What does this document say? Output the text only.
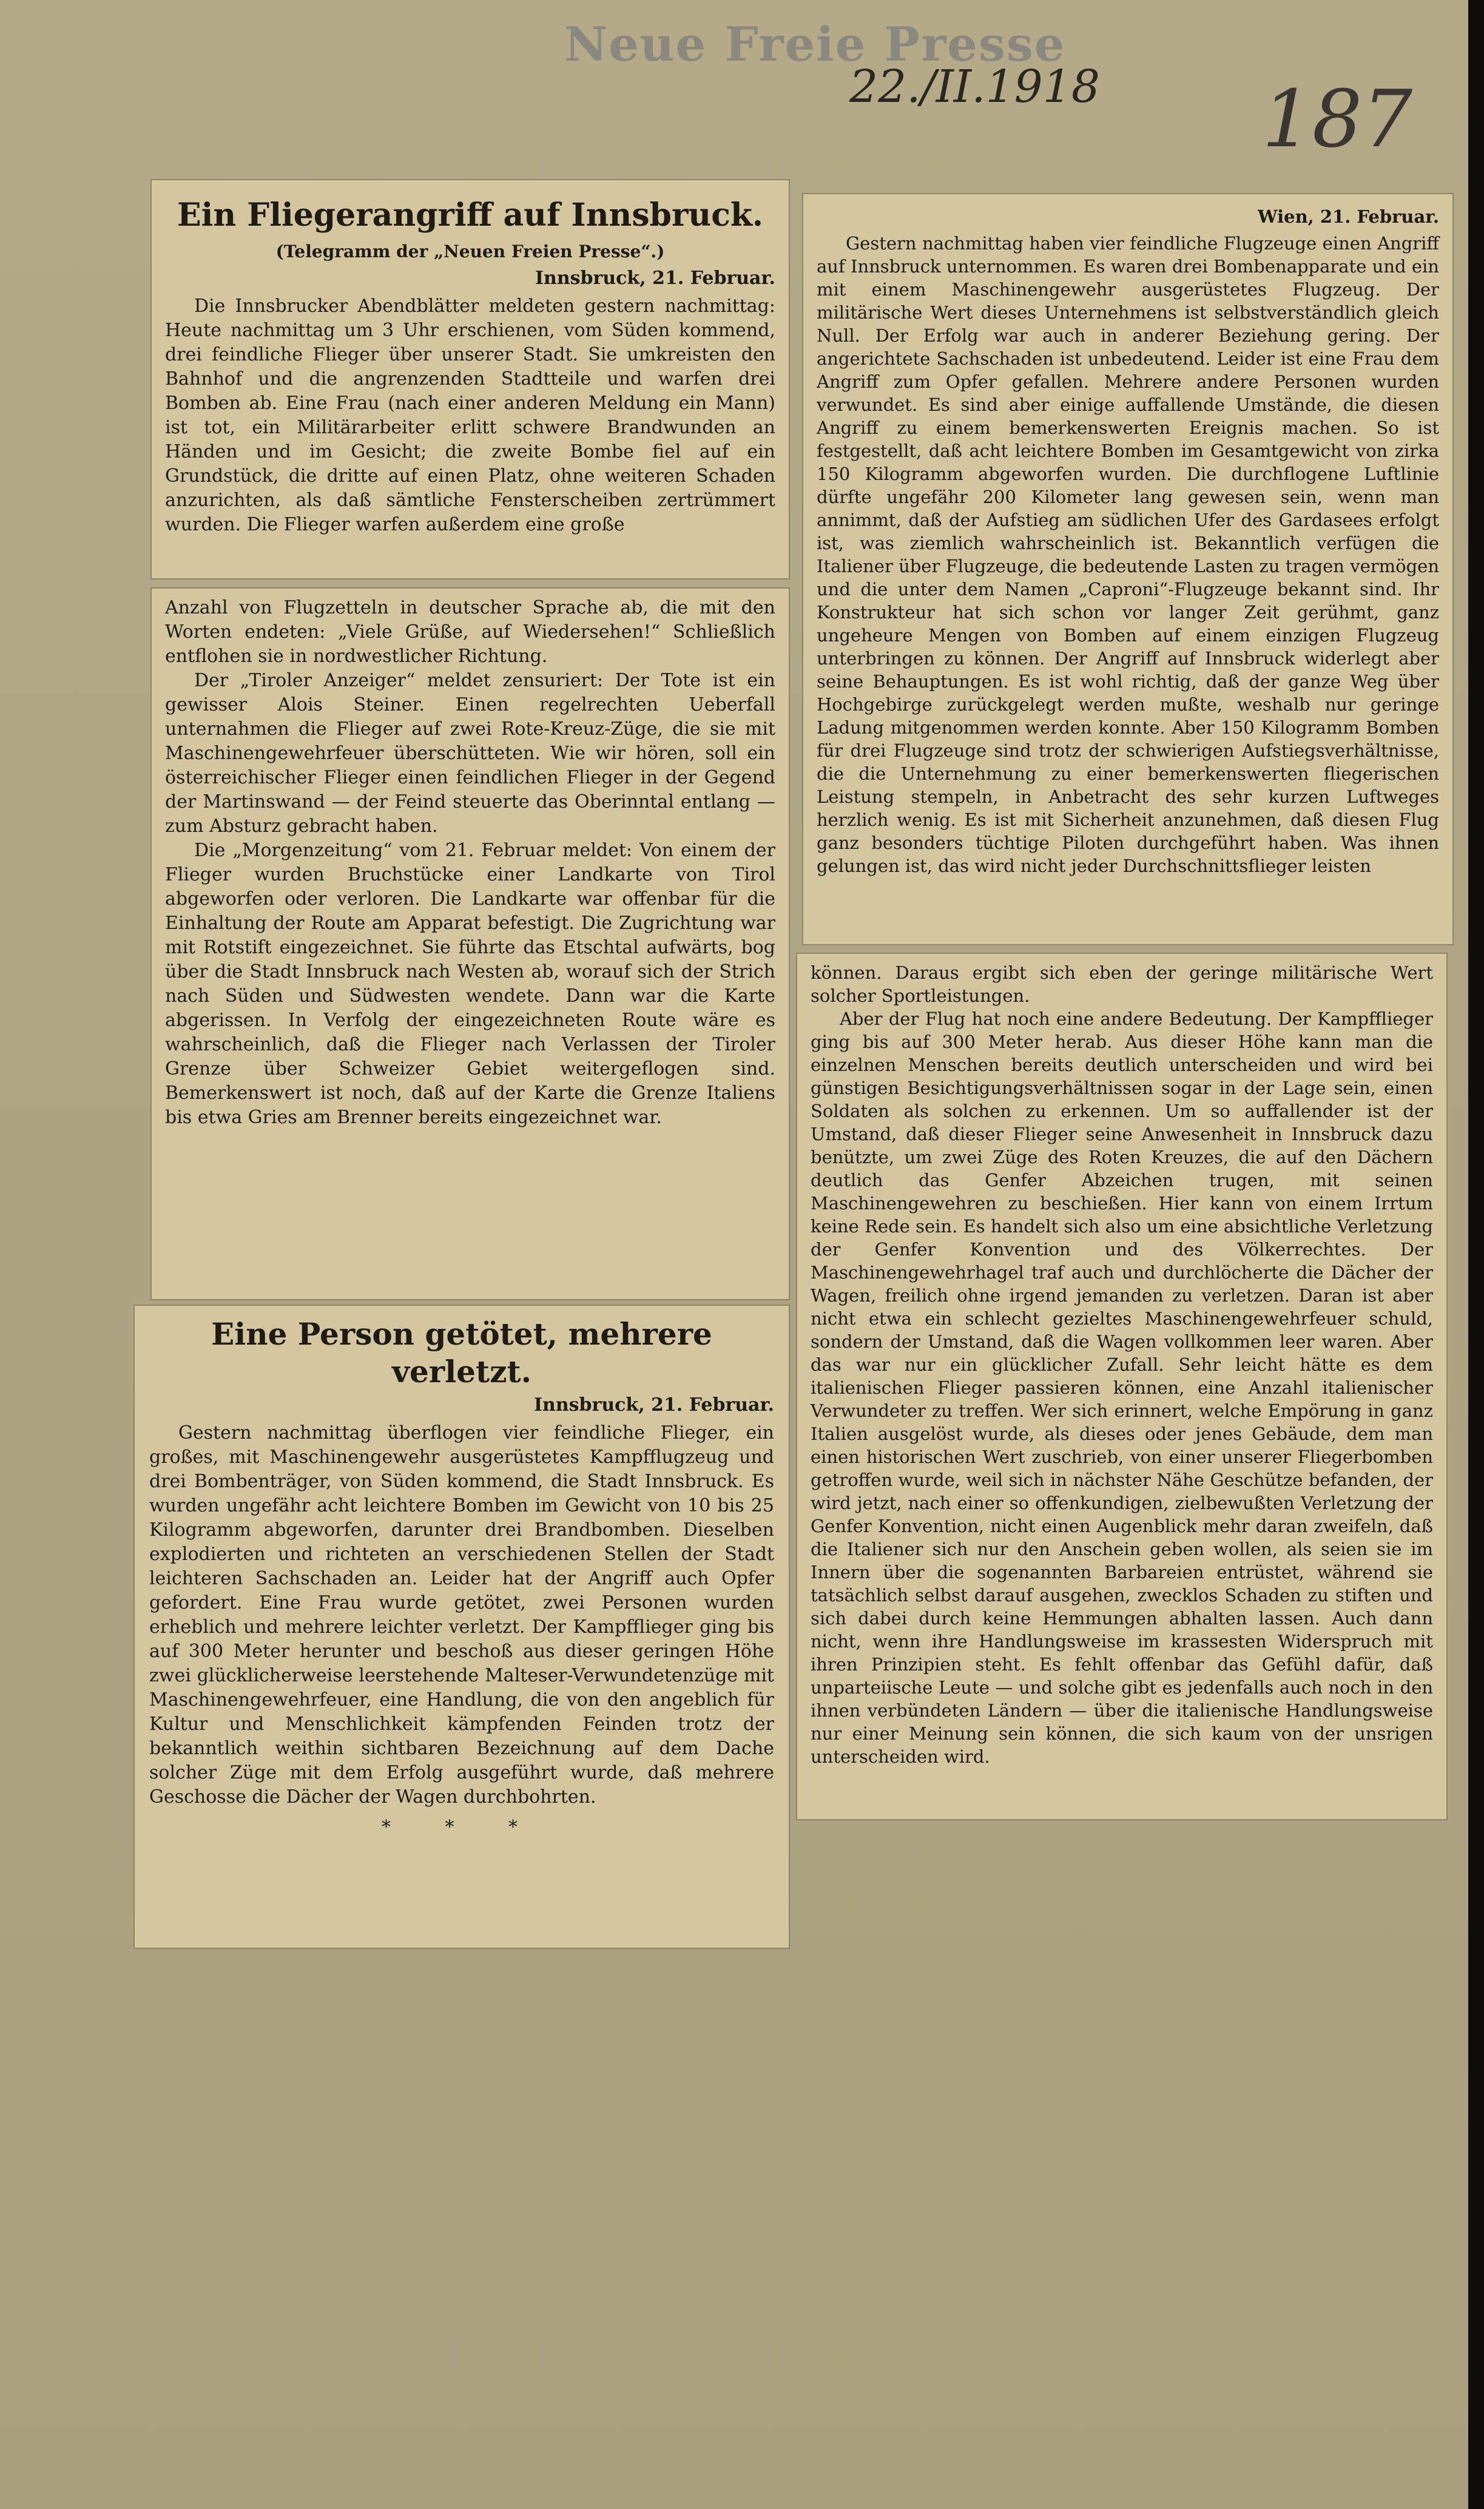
Neue Freie Presse
22./II.1918 187
Ein Fliegerangriff auf Innsbruck.
(Telegramm der „Neuen Freien Presse“.)
Innsbruck, 21. Februar.

Die Innsbrucker Abendblätter meldeten gestern nachmittag: Heute nachmittag um 3 Uhr erschienen, vom Süden kommend, drei feindliche Flieger über unserer Stadt. Sie umkreisten den Bahnhof und die angrenzenden Stadtteile und warfen drei Bomben ab. Eine Frau (nach einer anderen Meldung ein Mann) ist tot, ein Militärarbeiter erlitt schwere Brandwunden an Händen und im Gesicht; die zweite Bombe fiel auf ein Grundstück, die dritte auf einen Platz, ohne weiteren Schaden anzurichten, als daß sämtliche Fensterscheiben zertrümmert wurden. Die Flieger warfen außerdem eine große

Anzahl von Flugzetteln in deutscher Sprache ab, die mit den Worten endeten: „Viele Grüße, auf Wiedersehen!“ Schließlich entflohen sie in nordwestlicher Richtung.

Der „Tiroler Anzeiger“ meldet zensuriert: Der Tote ist ein gewisser Alois Steiner. Einen regelrechten Ueberfall unternahmen die Flieger auf zwei Rote-Kreuz-Züge, die sie mit Maschinengewehrfeuer überschütteten. Wie wir hören, soll ein österreichischer Flieger einen feindlichen Flieger in der Gegend der Martinswand — der Feind steuerte das Oberinntal entlang — zum Absturz gebracht haben.

Die „Morgenzeitung“ vom 21. Februar meldet: Von einem der Flieger wurden Bruchstücke einer Landkarte von Tirol abgeworfen oder verloren. Die Landkarte war offenbar für die Einhaltung der Route am Apparat befestigt. Die Zugrichtung war mit Rotstift eingezeichnet. Sie führte das Etschtal aufwärts, bog über die Stadt Innsbruck nach Westen ab, worauf sich der Strich nach Süden und Südwesten wendete. Dann war die Karte abgerissen. In Verfolg der eingezeichneten Route wäre es wahrscheinlich, daß die Flieger nach Verlassen der Tiroler Grenze über Schweizer Gebiet weitergeflogen sind. Bemerkenswert ist noch, daß auf der Karte die Grenze Italiens bis etwa Gries am Brenner bereits eingezeichnet war.

Eine Person getötet, mehrere verletzt.
Innsbruck, 21. Februar.

Gestern nachmittag überflogen vier feindliche Flieger, ein großes, mit Maschinengewehr ausgerüstetes Kampfflugzeug und drei Bombenträger, von Süden kommend, die Stadt Innsbruck. Es wurden ungefähr acht leichtere Bomben im Gewicht von 10 bis 25 Kilogramm abgeworfen, darunter drei Brandbomben. Dieselben explodierten und richteten an verschiedenen Stellen der Stadt leichteren Sachschaden an. Leider hat der Angriff auch Opfer gefordert. Eine Frau wurde getötet, zwei Personen wurden erheblich und mehrere leichter verletzt. Der Kampfflieger ging bis auf 300 Meter herunter und beschoß aus dieser geringen Höhe zwei glücklicherweise leerstehende Malteser-Verwundetenzüge mit Maschinengewehrfeuer, eine Handlung, die von den angeblich für Kultur und Menschlichkeit kämpfenden Feinden trotz der bekanntlich weithin sichtbaren Bezeichnung auf dem Dache solcher Züge mit dem Erfolg ausgeführt wurde, daß mehrere Geschosse die Dächer der Wagen durchbohrten.

* * *
Wien, 21. Februar.

Gestern nachmittag haben vier feindliche Flugzeuge einen Angriff auf Innsbruck unternommen. Es waren drei Bombenapparate und ein mit einem Maschinengewehr ausgerüstetes Flugzeug. Der militärische Wert dieses Unternehmens ist selbstverständlich gleich Null. Der Erfolg war auch in anderer Beziehung gering. Der angerichtete Sachschaden ist unbedeutend. Leider ist eine Frau dem Angriff zum Opfer gefallen. Mehrere andere Personen wurden verwundet. Es sind aber einige auffallende Umstände, die diesen Angriff zu einem bemerkenswerten Ereignis machen. So ist festgestellt, daß acht leichtere Bomben im Gesamtgewicht von zirka 150 Kilogramm abgeworfen wurden. Die durchflogene Luftlinie dürfte ungefähr 200 Kilometer lang gewesen sein, wenn man annimmt, daß der Aufstieg am südlichen Ufer des Gardasees erfolgt ist, was ziemlich wahrscheinlich ist. Bekanntlich verfügen die Italiener über Flugzeuge, die bedeutende Lasten zu tragen vermögen und die unter dem Namen „Caproni“-Flugzeuge bekannt sind. Ihr Konstrukteur hat sich schon vor langer Zeit gerühmt, ganz ungeheure Mengen von Bomben auf einem einzigen Flugzeug unterbringen zu können. Der Angriff auf Innsbruck widerlegt aber seine Behauptungen. Es ist wohl richtig, daß der ganze Weg über Hochgebirge zurückgelegt werden mußte, weshalb nur geringe Ladung mitgenommen werden konnte. Aber 150 Kilogramm Bomben für drei Flugzeuge sind trotz der schwierigen Aufstiegsverhältnisse, die die Unternehmung zu einer bemerkenswerten fliegerischen Leistung stempeln, in Anbetracht des sehr kurzen Luftweges herzlich wenig. Es ist mit Sicherheit anzunehmen, daß diesen Flug ganz besonders tüchtige Piloten durchgeführt haben. Was ihnen gelungen ist, das wird nicht jeder Durchschnittsflieger leisten

können. Daraus ergibt sich eben der geringe militärische Wert solcher Sportleistungen.

Aber der Flug hat noch eine andere Bedeutung. Der Kampfflieger ging bis auf 300 Meter herab. Aus dieser Höhe kann man die einzelnen Menschen bereits deutlich unterscheiden und wird bei günstigen Besichtigungsverhältnissen sogar in der Lage sein, einen Soldaten als solchen zu erkennen. Um so auffallender ist der Umstand, daß dieser Flieger seine Anwesenheit in Innsbruck dazu benützte, um zwei Züge des Roten Kreuzes, die auf den Dächern deutlich das Genfer Abzeichen trugen, mit seinen Maschinengewehren zu beschießen. Hier kann von einem Irrtum keine Rede sein. Es handelt sich also um eine absichtliche Verletzung der Genfer Konvention und des Völkerrechtes. Der Maschinengewehrhagel traf auch und durchlöcherte die Dächer der Wagen, freilich ohne irgend jemanden zu verletzen. Daran ist aber nicht etwa ein schlecht gezieltes Maschinengewehrfeuer schuld, sondern der Umstand, daß die Wagen vollkommen leer waren. Aber das war nur ein glücklicher Zufall. Sehr leicht hätte es dem italienischen Flieger passieren können, eine Anzahl italienischer Verwundeter zu treffen. Wer sich erinnert, welche Empörung in ganz Italien ausgelöst wurde, als dieses oder jenes Gebäude, dem man einen historischen Wert zuschrieb, von einer unserer Fliegerbomben getroffen wurde, weil sich in nächster Nähe Geschütze befanden, der wird jetzt, nach einer so offenkundigen, zielbewußten Verletzung der Genfer Konvention, nicht einen Augenblick mehr daran zweifeln, daß die Italiener sich nur den Anschein geben wollen, als seien sie im Innern über die sogenannten Barbareien entrüstet, während sie tatsächlich selbst darauf ausgehen, zwecklos Schaden zu stiften und sich dabei durch keine Hemmungen abhalten lassen. Auch dann nicht, wenn ihre Handlungsweise im krassesten Widerspruch mit ihren Prinzipien steht. Es fehlt offenbar das Gefühl dafür, daß unparteiische Leute — und solche gibt es jedenfalls auch noch in den ihnen verbündeten Ländern — über die italienische Handlungsweise nur einer Meinung sein können, die sich kaum von der unsrigen unterscheiden wird.
